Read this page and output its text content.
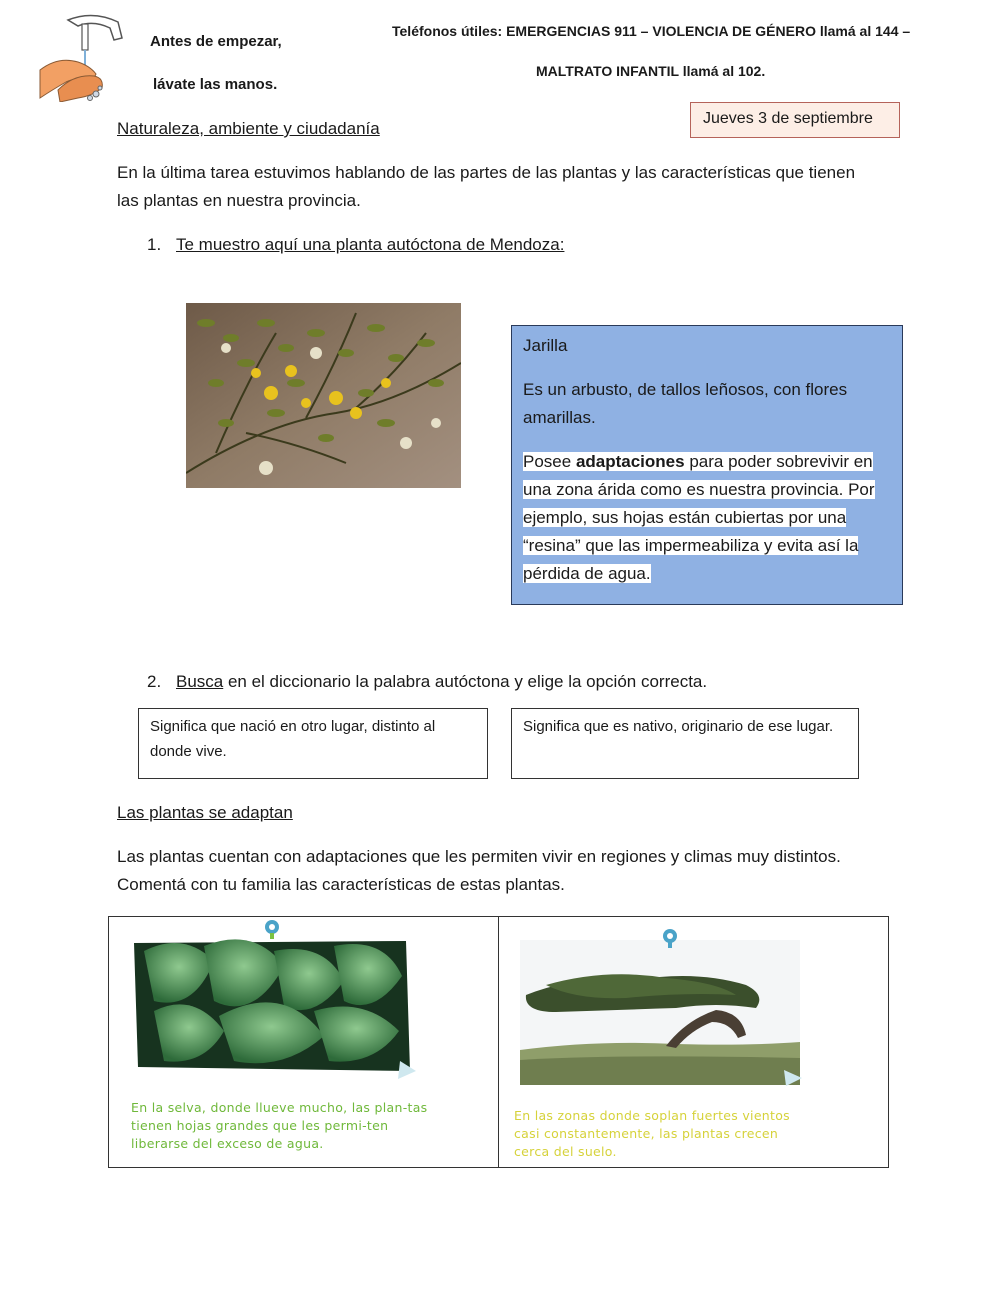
Antes de empezar,
lávate las manos.
Teléfonos útiles: EMERGENCIAS 911 – VIOLENCIA DE GÉNERO llamá al 144 –
MALTRATO INFANTIL llamá al 102.
Jueves 3 de septiembre
Naturaleza, ambiente y ciudadanía
En la última tarea estuvimos hablando de las partes de las plantas y las características que tienen las plantas en nuestra provincia.
1. Te muestro aquí una planta autóctona de Mendoza:

Jarilla

Es un arbusto, de tallos leñosos, con flores amarillas.

Posee adaptaciones para poder sobrevivir en una zona árida como es nuestra provincia. Por ejemplo, sus hojas están cubiertas por una “resina” que las impermeabiliza y evita así la pérdida de agua.

2. Busca en el diccionario la palabra autóctona y elige la opción correcta.
Significa que nació en otro lugar, distinto al donde vive.
Significa que es nativo, originario de ese lugar.
Las plantas se adaptan
Las plantas cuentan con adaptaciones que les permiten vivir en regiones y climas muy distintos. Comentá con tu familia las características de estas plantas.
En la selva, donde llueve mucho, las plan-tas tienen hojas grandes que les permi-ten liberarse del exceso de agua.
En las zonas donde soplan fuertes vientos casi constantemente, las plantas crecen cerca del suelo.
